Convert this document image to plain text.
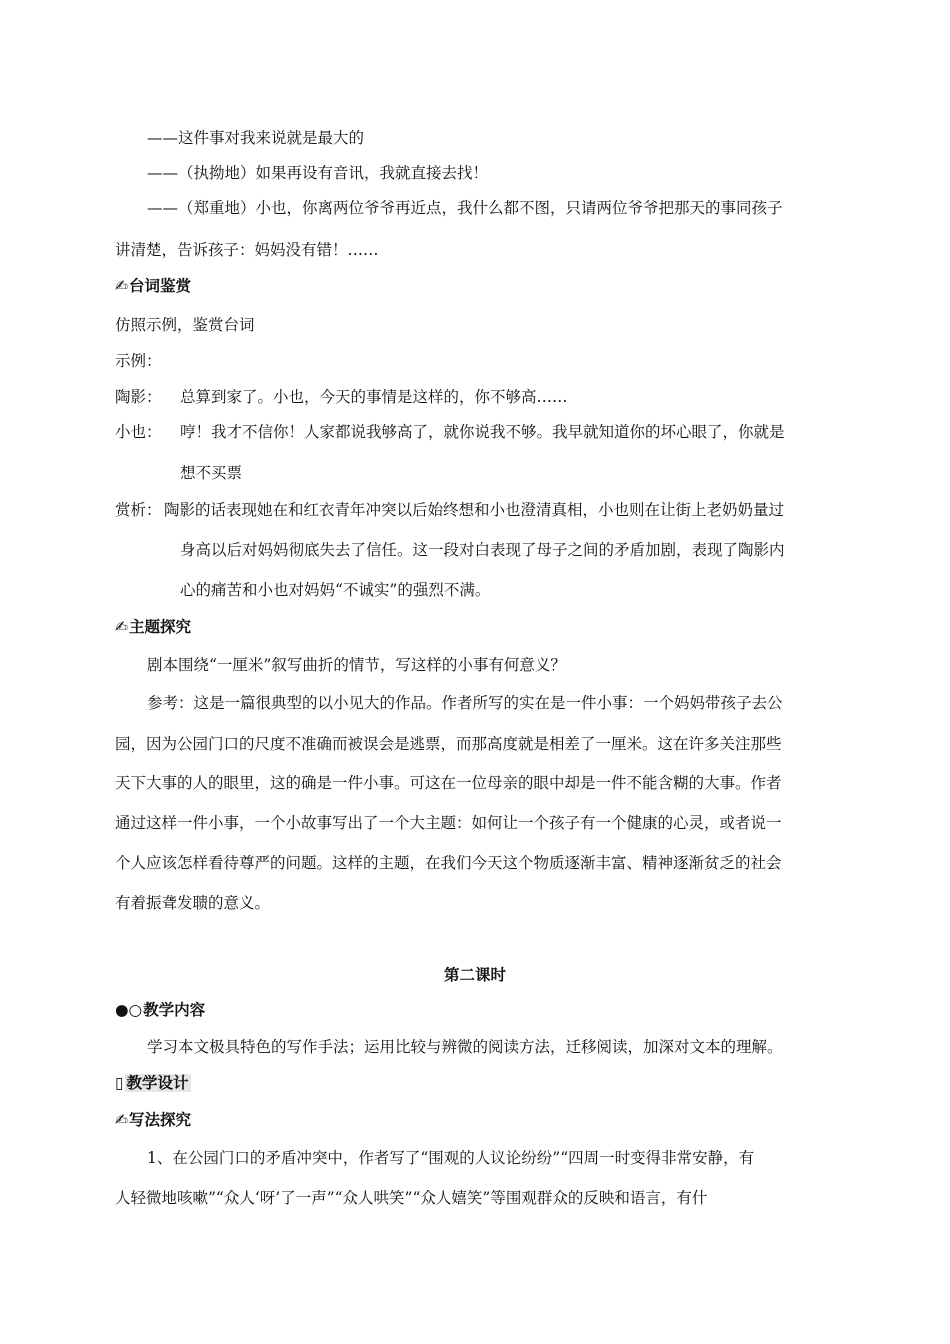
——这件事对我来说就是最大的
——（执拗地）如果再设有音讯，我就直接去找！
——（郑重地）小也，你离两位爷爷再近点，我什么都不图，只请两位爷爷把那天的事同孩子
讲清楚，告诉孩子：妈妈没有错！……
✍台词鉴赏
仿照示例，鉴赏台词
示例：
陶影： 总算到家了。小也，今天的事情是这样的，你不够高……
小也： 哼！我才不信你！人家都说我够高了，就你说我不够。我早就知道你的坏心眼了，你就是
想不买票
赏析： 陶影的话表现她在和红衣青年冲突以后始终想和小也澄清真相，小也则在让街上老奶奶量过
身高以后对妈妈彻底失去了信任。这一段对白表现了母子之间的矛盾加剧，表现了陶影内
心的痛苦和小也对妈妈“不诚实”的强烈不满。
✍主题探究
剧本围绕“一厘米”叙写曲折的情节，写这样的小事有何意义？
参考：这是一篇很典型的以小见大的作品。作者所写的实在是一件小事：一个妈妈带孩子去公
园，因为公园门口的尺度不准确而被误会是逃票，而那高度就是相差了一厘米。这在许多关注那些
天下大事的人的眼里，这的确是一件小事。可这在一位母亲的眼中却是一件不能含糊的大事。作者
通过这样一件小事，一个小故事写出了一个大主题：如何让一个孩子有一个健康的心灵，或者说一
个人应该怎样看待尊严的问题。这样的主题，在我们今天这个物质逐渐丰富、精神逐渐贫乏的社会
有着振聋发聩的意义。
第二课时
●○教学内容
学习本文极具特色的写作手法；运用比较与辨微的阅读方法，迁移阅读，加深对文本的理解。
▯ 教学设计
✍写法探究
1、在公园门口的矛盾冲突中，作者写了“围观的人议论纷纷”“四周一时变得非常安静，有
人轻微地咳嗽”“众人‘呀’了一声”“众人哄笑”“众人嬉笑”等围观群众的反映和语言，有什
